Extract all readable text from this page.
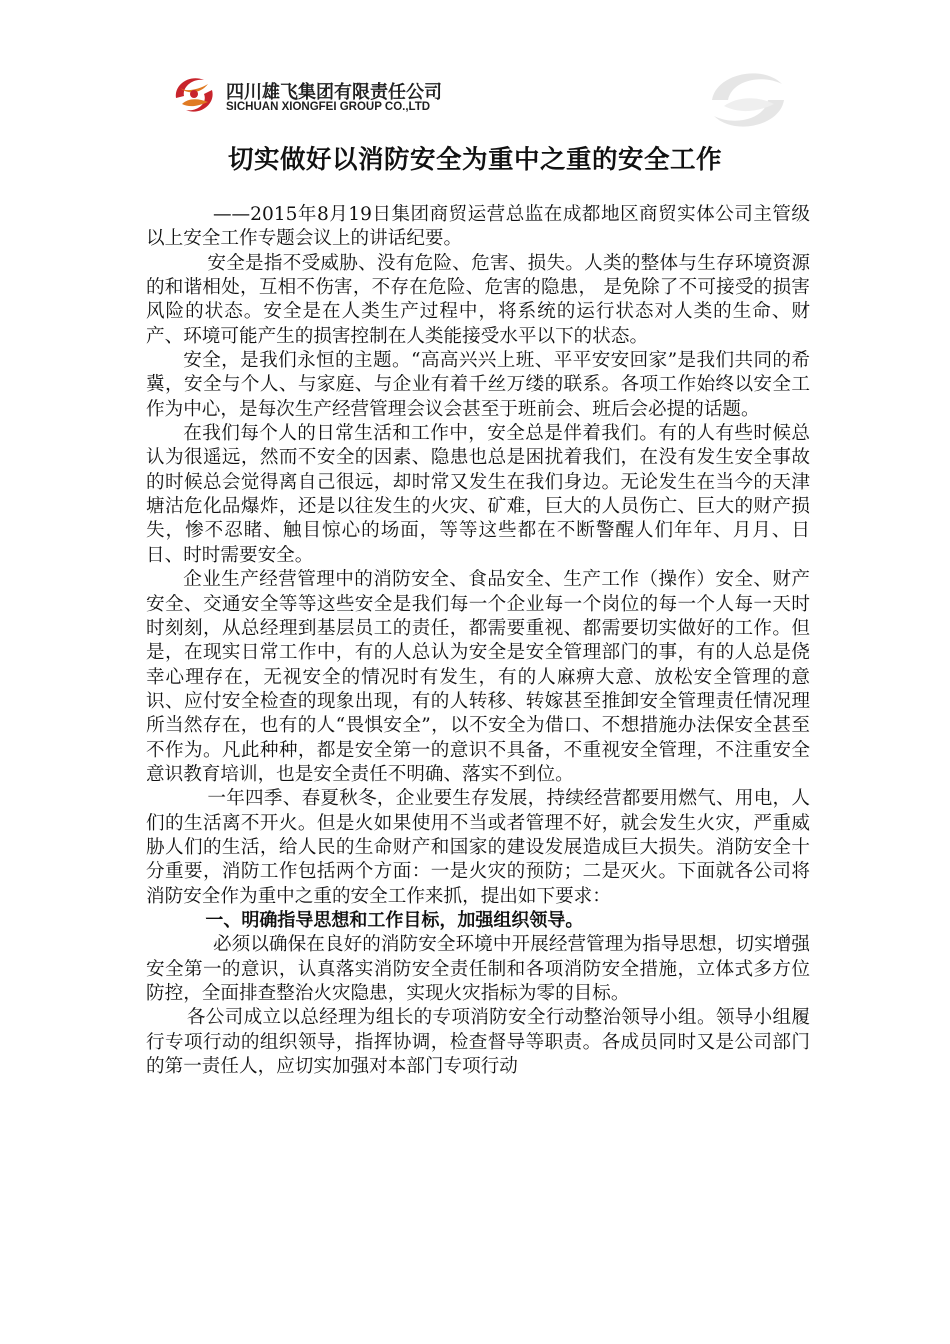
四川雄飞集团有限责任公司
SICHUAN XIONGFEI GROUP CO.,LTD
切实做好以消防安全为重中之重的安全工作

——2015年8月19日集团商贸运营总监在成都地区商贸实体公司主管级以上安全工作专题会议上的讲话纪要。

安全是指不受威胁、没有危险、危害、损失。人类的整体与生存环境资源的和谐相处，互相不伤害，不存在危险、危害的隐患， 是免除了不可接受的损害风险的状态。安全是在人类生产过程中，将系统的运行状态对人类的生命、财产、环境可能产生的损害控制在人类能接受水平以下的状态。

安全，是我们永恒的主题。“高高兴兴上班、平平安安回家”是我们共同的希冀，安全与个人、与家庭、与企业有着千丝万缕的联系。各项工作始终以安全工作为中心，是每次生产经营管理会议会甚至于班前会、班后会必提的话题。

在我们每个人的日常生活和工作中，安全总是伴着我们。有的人有些时候总认为很遥远，然而不安全的因素、隐患也总是困扰着我们，在没有发生安全事故的时候总会觉得离自己很远，却时常又发生在我们身边。无论发生在当今的天津塘沽危化品爆炸，还是以往发生的火灾、矿难，巨大的人员伤亡、巨大的财产损失，惨不忍睹、触目惊心的场面，等等这些都在不断警醒人们年年、月月、日日、时时需要安全。

企业生产经营管理中的消防安全、食品安全、生产工作（操作）安全、财产安全、交通安全等等这些安全是我们每一个企业每一个岗位的每一个人每一天时时刻刻，从总经理到基层员工的责任，都需要重视、都需要切实做好的工作。但是，在现实日常工作中，有的人总认为安全是安全管理部门的事，有的人总是侥幸心理存在，无视安全的情况时有发生，有的人麻痹大意、放松安全管理的意识、应付安全检查的现象出现，有的人转移、转嫁甚至推卸安全管理责任情况理所当然存在，也有的人“畏惧安全”，以不安全为借口、不想措施办法保安全甚至不作为。凡此种种，都是安全第一的意识不具备，不重视安全管理，不注重安全意识教育培训，也是安全责任不明确、落实不到位。

一年四季、春夏秋冬，企业要生存发展，持续经营都要用燃气、用电，人们的生活离不开火。但是火如果使用不当或者管理不好，就会发生火灾，严重威胁人们的生活，给人民的生命财产和国家的建设发展造成巨大损失。消防安全十分重要，消防工作包括两个方面：一是火灾的预防；二是灭火。下面就各公司将消防安全作为重中之重的安全工作来抓，提出如下要求：

一、明确指导思想和工作目标，加强组织领导。

必须以确保在良好的消防安全环境中开展经营管理为指导思想，切实增强安全第一的意识，认真落实消防安全责任制和各项消防安全措施，立体式多方位防控，全面排查整治火灾隐患，实现火灾指标为零的目标。

各公司成立以总经理为组长的专项消防安全行动整治领导小组。领导小组履行专项行动的组织领导，指挥协调，检查督导等职责。各成员同时又是公司部门的第一责任人，应切实加强对本部门专项行动
